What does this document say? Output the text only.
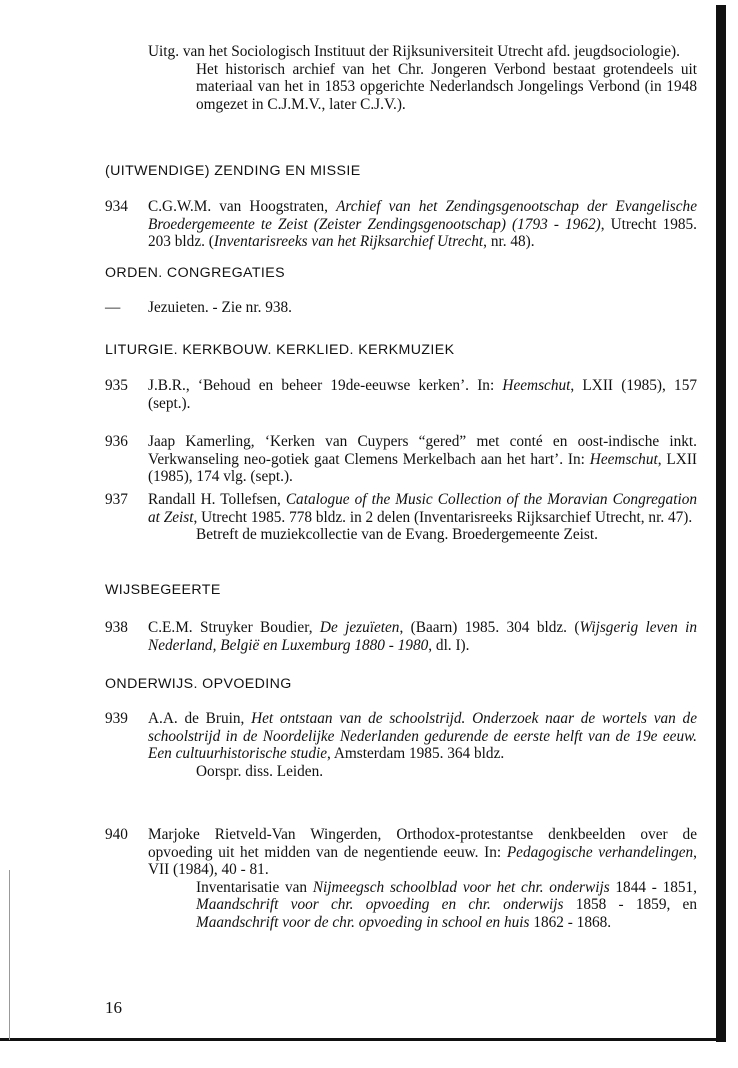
Uitg. van het Sociologisch Instituut der Rijksuniversiteit Utrecht afd. jeugdsociologie).
Het historisch archief van het Chr. Jongeren Verbond bestaat grotendeels uit materiaal van het in 1853 opgerichte Nederlandsch Jongelings Verbond (in 1948 omgezet in C.J.M.V., later C.J.V.).
(UITWENDIGE) ZENDING EN MISSIE
934 C.G.W.M. van Hoogstraten, Archief van het Zendingsgenootschap der Evangelische Broedergemeente te Zeist (Zeister Zendingsgenootschap) (1793 - 1962), Utrecht 1985. 203 bldz. (Inventarisreeks van het Rijksarchief Utrecht, nr. 48).
ORDEN. CONGREGATIES
— Jezuieten. - Zie nr. 938.
LITURGIE. KERKBOUW. KERKLIED. KERKMUZIEK
935 J.B.R., ‘Behoud en beheer 19de-eeuwse kerken’. In: Heemschut, LXII (1985), 157 (sept.).
936 Jaap Kamerling, ‘Kerken van Cuypers “gered” met conté en oost-indische inkt. Verkwanseling neo-gotiek gaat Clemens Merkelbach aan het hart’. In: Heemschut, LXII (1985), 174 vlg. (sept.).
937 Randall H. Tollefsen, Catalogue of the Music Collection of the Moravian Congregation at Zeist, Utrecht 1985. 778 bldz. in 2 delen (Inventarisreeks Rijksarchief Utrecht, nr. 47).
Betreft de muziekcollectie van de Evang. Broedergemeente Zeist.
WIJSBEGEERTE
938 C.E.M. Struyker Boudier, De jezuïeten, (Baarn) 1985. 304 bldz. (Wijsgerig leven in Nederland, België en Luxemburg 1880 - 1980, dl. I).
ONDERWIJS. OPVOEDING
939 A.A. de Bruin, Het ontstaan van de schoolstrijd. Onderzoek naar de wortels van de schoolstrijd in de Noordelijke Nederlanden gedurende de eerste helft van de 19e eeuw. Een cultuurhistorische studie, Amsterdam 1985. 364 bldz.
Oorspr. diss. Leiden.
940 Marjoke Rietveld-Van Wingerden, Orthodox-protestantse denkbeelden over de opvoeding uit het midden van de negentiende eeuw. In: Pedagogische verhandelingen, VII (1984), 40 - 81.
Inventarisatie van Nijmeegsch schoolblad voor het chr. onderwijs 1844 - 1851, Maandschrift voor chr. opvoeding en chr. onderwijs 1858 - 1859, en Maandschrift voor de chr. opvoeding in school en huis 1862 - 1868.
16
